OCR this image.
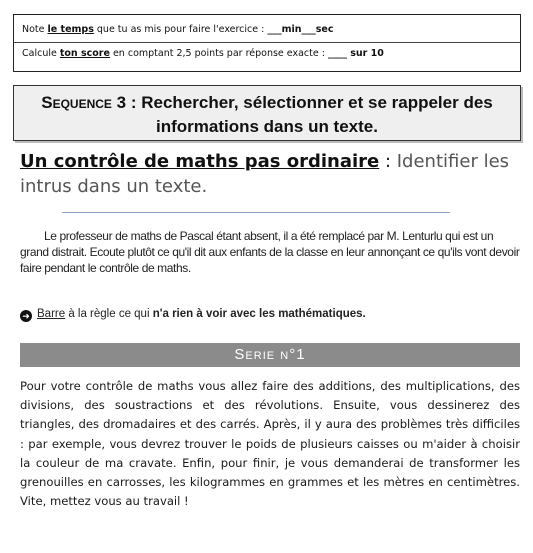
Note le temps que tu as mis pour faire l'exercice : ___min___sec
Calcule ton score en comptant 2,5 points par réponse exacte : ____ sur 10
Sequence 3 : Rechercher, sélectionner et se rappeler des informations dans un texte.
Un contrôle de maths pas ordinaire : Identifier les intrus dans un texte.
Le professeur de maths de Pascal étant absent, il a été remplacé par M. Lenturlu qui est un grand distrait. Ecoute plutôt ce qu'il dit aux enfants de la classe en leur annonçant ce qu'ils vont devoir faire pendant le contrôle de maths.
➜ Barre à la règle ce qui n'a rien à voir avec les mathématiques.
Serie n°1
Pour votre contrôle de maths vous allez faire des additions, des multiplications, des divisions, des soustractions et des révolutions. Ensuite, vous dessinerez des triangles, des dromadaires et des carrés. Après, il y aura des problèmes très difficiles : par exemple, vous devrez trouver le poids de plusieurs caisses ou m'aider à choisir la couleur de ma cravate. Enfin, pour finir, je vous demanderai de transformer les grenouilles en carrosses, les kilogrammes en grammes et les mètres en centimètres. Vite, mettez vous au travail !
